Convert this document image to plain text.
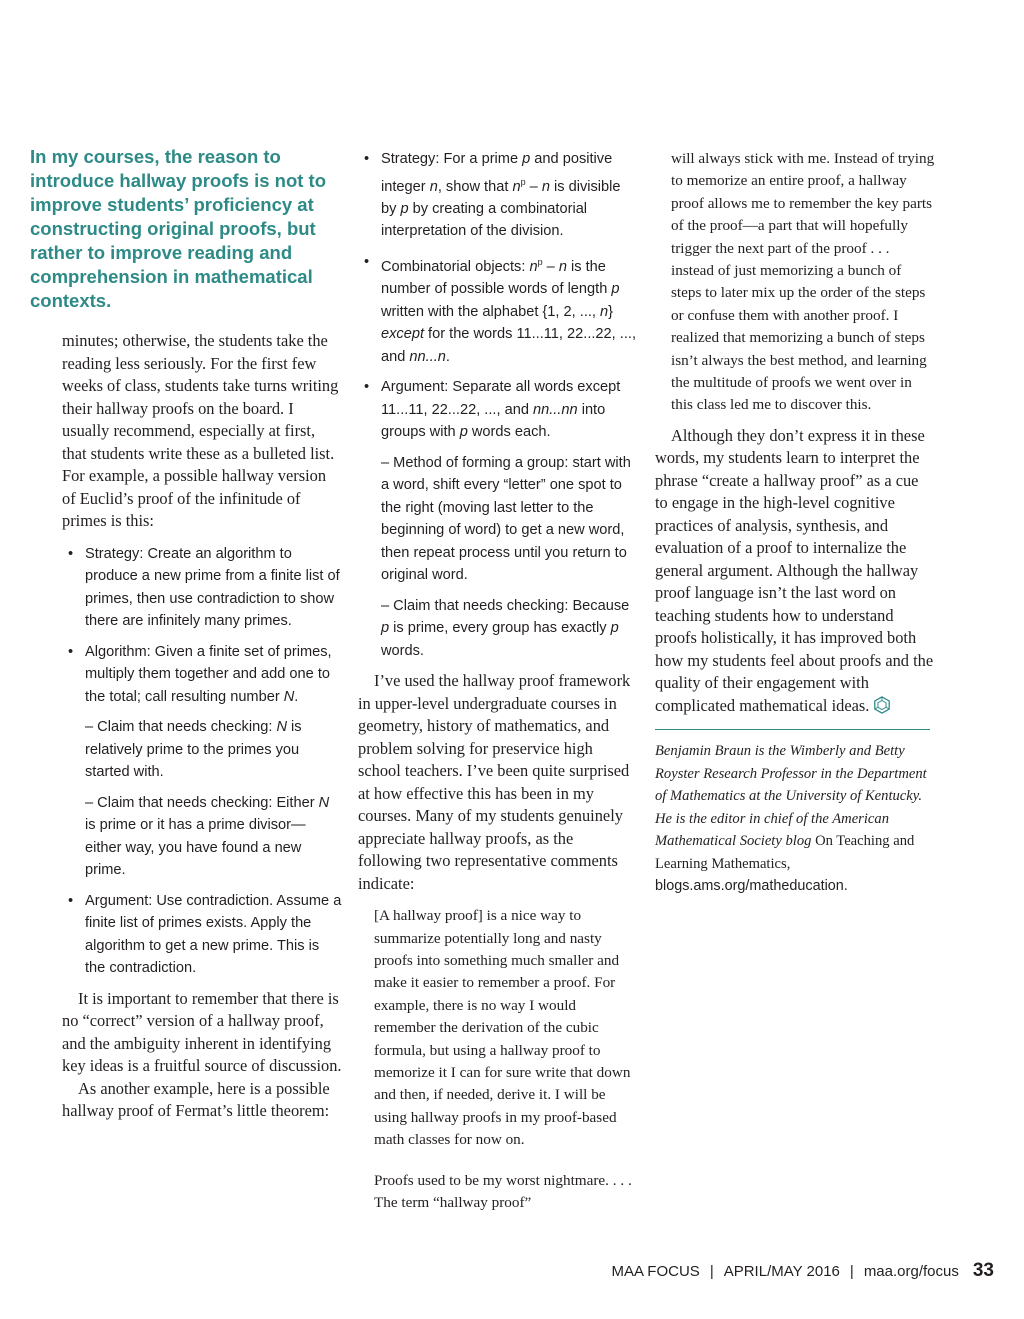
In my courses, the reason to introduce hallway proofs is not to improve students’ proficiency at constructing original proofs, but rather to improve reading and comprehension in mathematical contexts.

minutes; otherwise, the students take the reading less seriously. For the first few weeks of class, students take turns writing their hallway proofs on the board. I usually recommend, especially at first, that students write these as a bulleted list. For example, a possible hallway version of Euclid’s proof of the infinitude of primes is this:

• Strategy: Create an algorithm to produce a new prime from a finite list of primes, then use contradiction to show there are infinitely many primes.
• Algorithm: Given a finite set of primes, multiply them together and add one to the total; call resulting number N.
– Claim that needs checking: N is relatively prime to the primes you started with.
– Claim that needs checking: Either N is prime or it has a prime divisor—either way, you have found a new prime.
• Argument: Use contradiction. Assume a finite list of primes exists. Apply the algorithm to get a new prime. This is the contradiction.

It is important to remember that there is no “correct” version of a hallway proof, and the ambiguity inherent in identifying key ideas is a fruitful source of discussion.

As another example, here is a possible hallway proof of Fermat’s little theorem:

• Strategy: For a prime p and positive integer n, show that $n^p$ – n is divisible by p by creating a combinatorial interpretation of the division.
• Combinatorial objects: $n^p$ – n is the number of possible words of length p written with the alphabet {1, 2, ..., n} except for the words 11...11, 22...22, ..., and nn...n.
• Argument: Separate all words except 11...11, 22...22, ..., and nn...nn into groups with p words each.
– Method of forming a group: start with a word, shift every “letter” one spot to the right (moving last letter to the beginning of word) to get a new word, then repeat process until you return to original word.
– Claim that needs checking: Because p is prime, every group has exactly p words.

I’ve used the hallway proof framework in upper-level undergraduate courses in geometry, history of mathematics, and problem solving for preservice high school teachers. I’ve been quite surprised at how effective this has been in my courses. Many of my students genuinely appreciate hallway proofs, as the following two representative comments indicate:

[A hallway proof] is a nice way to summarize potentially long and nasty proofs into something much smaller and make it easier to remember a proof. For example, there is no way I would remember the derivation of the cubic formula, but using a hallway proof to memorize it I can for sure write that down and then, if needed, derive it. I will be using hallway proofs in my proof-based math classes for now on.
Proofs used to be my worst nightmare. . . . The term “hallway proof”
will always stick with me. Instead of trying to memorize an entire proof, a hallway proof allows me to remember the key parts of the proof—a part that will hopefully trigger the next part of the proof . . . instead of just memorizing a bunch of steps to later mix up the order of the steps or confuse them with another proof. I realized that memorizing a bunch of steps isn’t always the best method, and learning the multitude of proofs we went over in this class led me to discover this.

Although they don’t express it in these words, my students learn to interpret the phrase “create a hallway proof” as a cue to engage in the high-level cognitive practices of analysis, synthesis, and evaluation of a proof to internalize the general argument. Although the hallway proof language isn’t the last word on teaching students how to understand proofs holistically, it has improved both how my students feel about proofs and the quality of their engagement with complicated mathematical ideas.

Benjamin Braun is the Wimberly and Betty Royster Research Professor in the Department of Mathematics at the University of Kentucky. He is the editor in chief of the American Mathematical Society blog On Teaching and Learning Mathematics, blogs.ams.org/matheducation.
MAA FOCUS | APRIL/MAY 2016 | maa.org/focus 33
